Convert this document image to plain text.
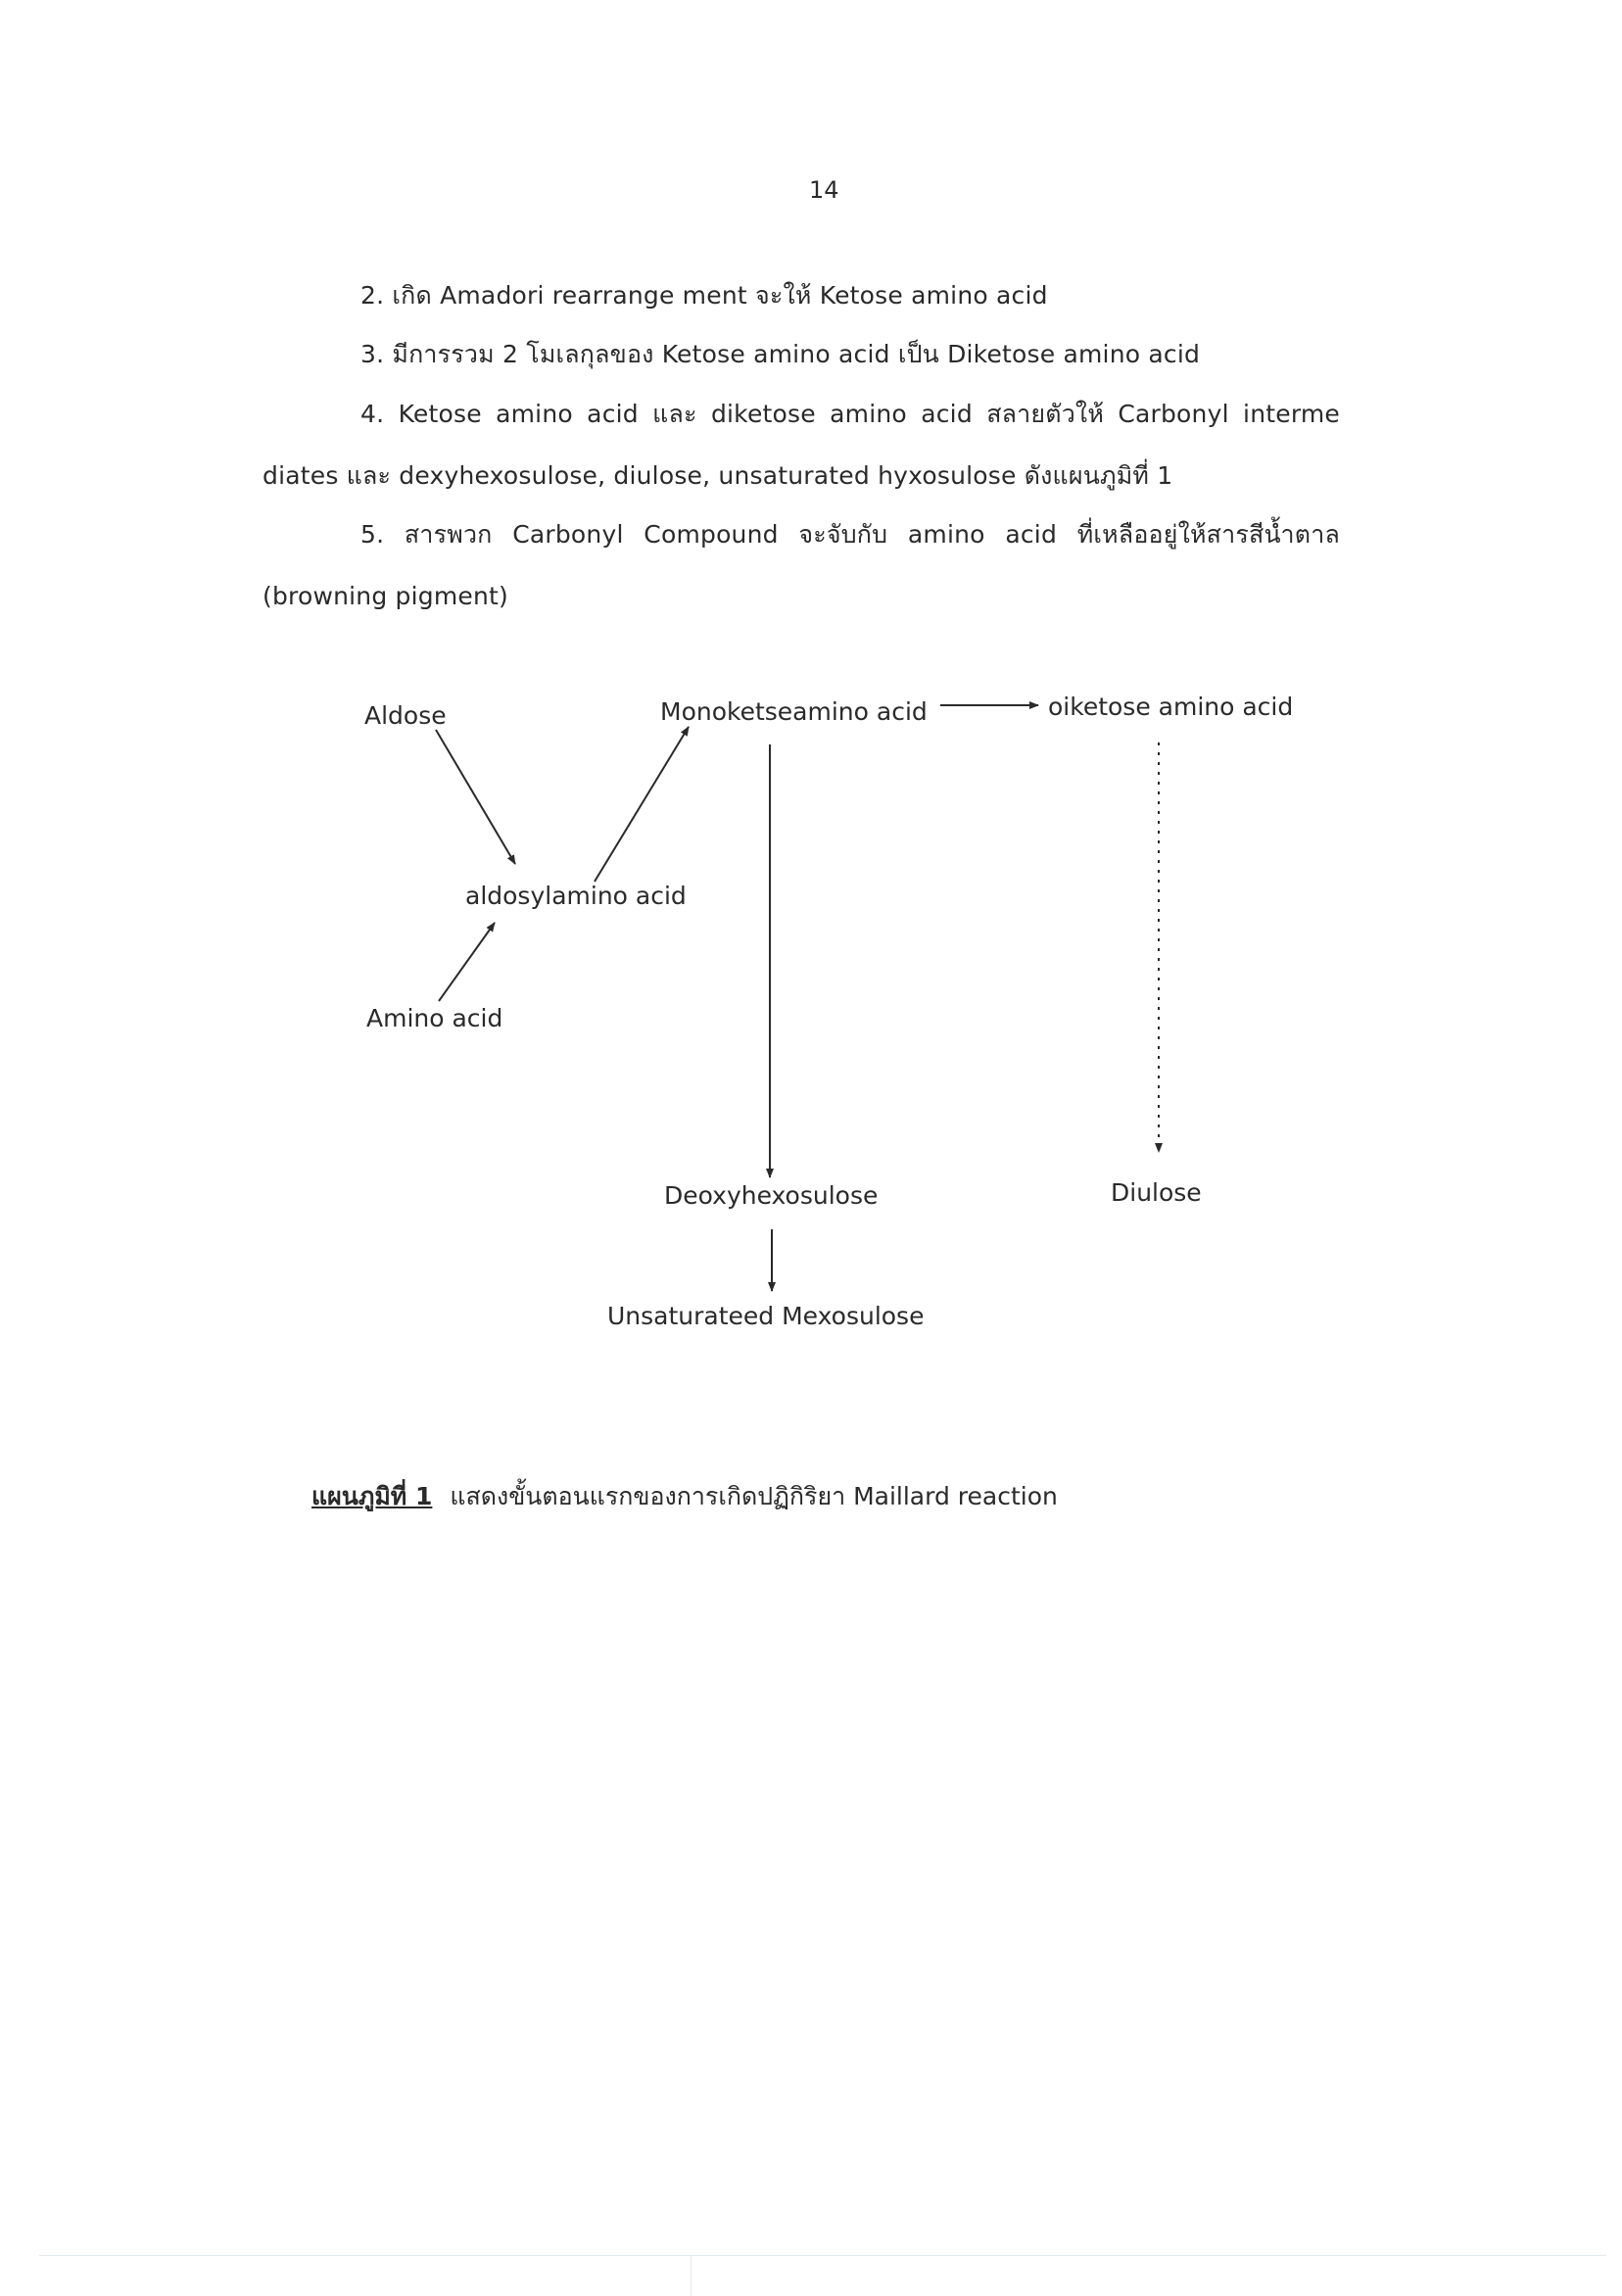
14
2. เกิด Amadori rearrange ment จะให้ Ketose amino acid
3. มีการรวม 2 โมเลกุลของ Ketose amino acid เป็น Diketose amino acid
4. Ketose amino acid และ diketose amino acid สลายตัวให้ Carbonyl interme
diates และ dexyhexosulose, diulose, unsaturated hyxosulose ดังแผนภูมิที่ 1
5. สารพวก Carbonyl Compound จะจับกับ amino acid ที่เหลืออยู่ให้สารสีน้ำตาล
(browning pigment)
Aldose	Monoketseamino acid	oiketose amino acid
aldosylamino acid
Amino acid
Deoxyhexosulose	Diulose
Unsaturateed Mexosulose
แผนภูมิที่ 1 แสดงขั้นตอนแรกของการเกิดปฏิกิริยา Maillard reaction
